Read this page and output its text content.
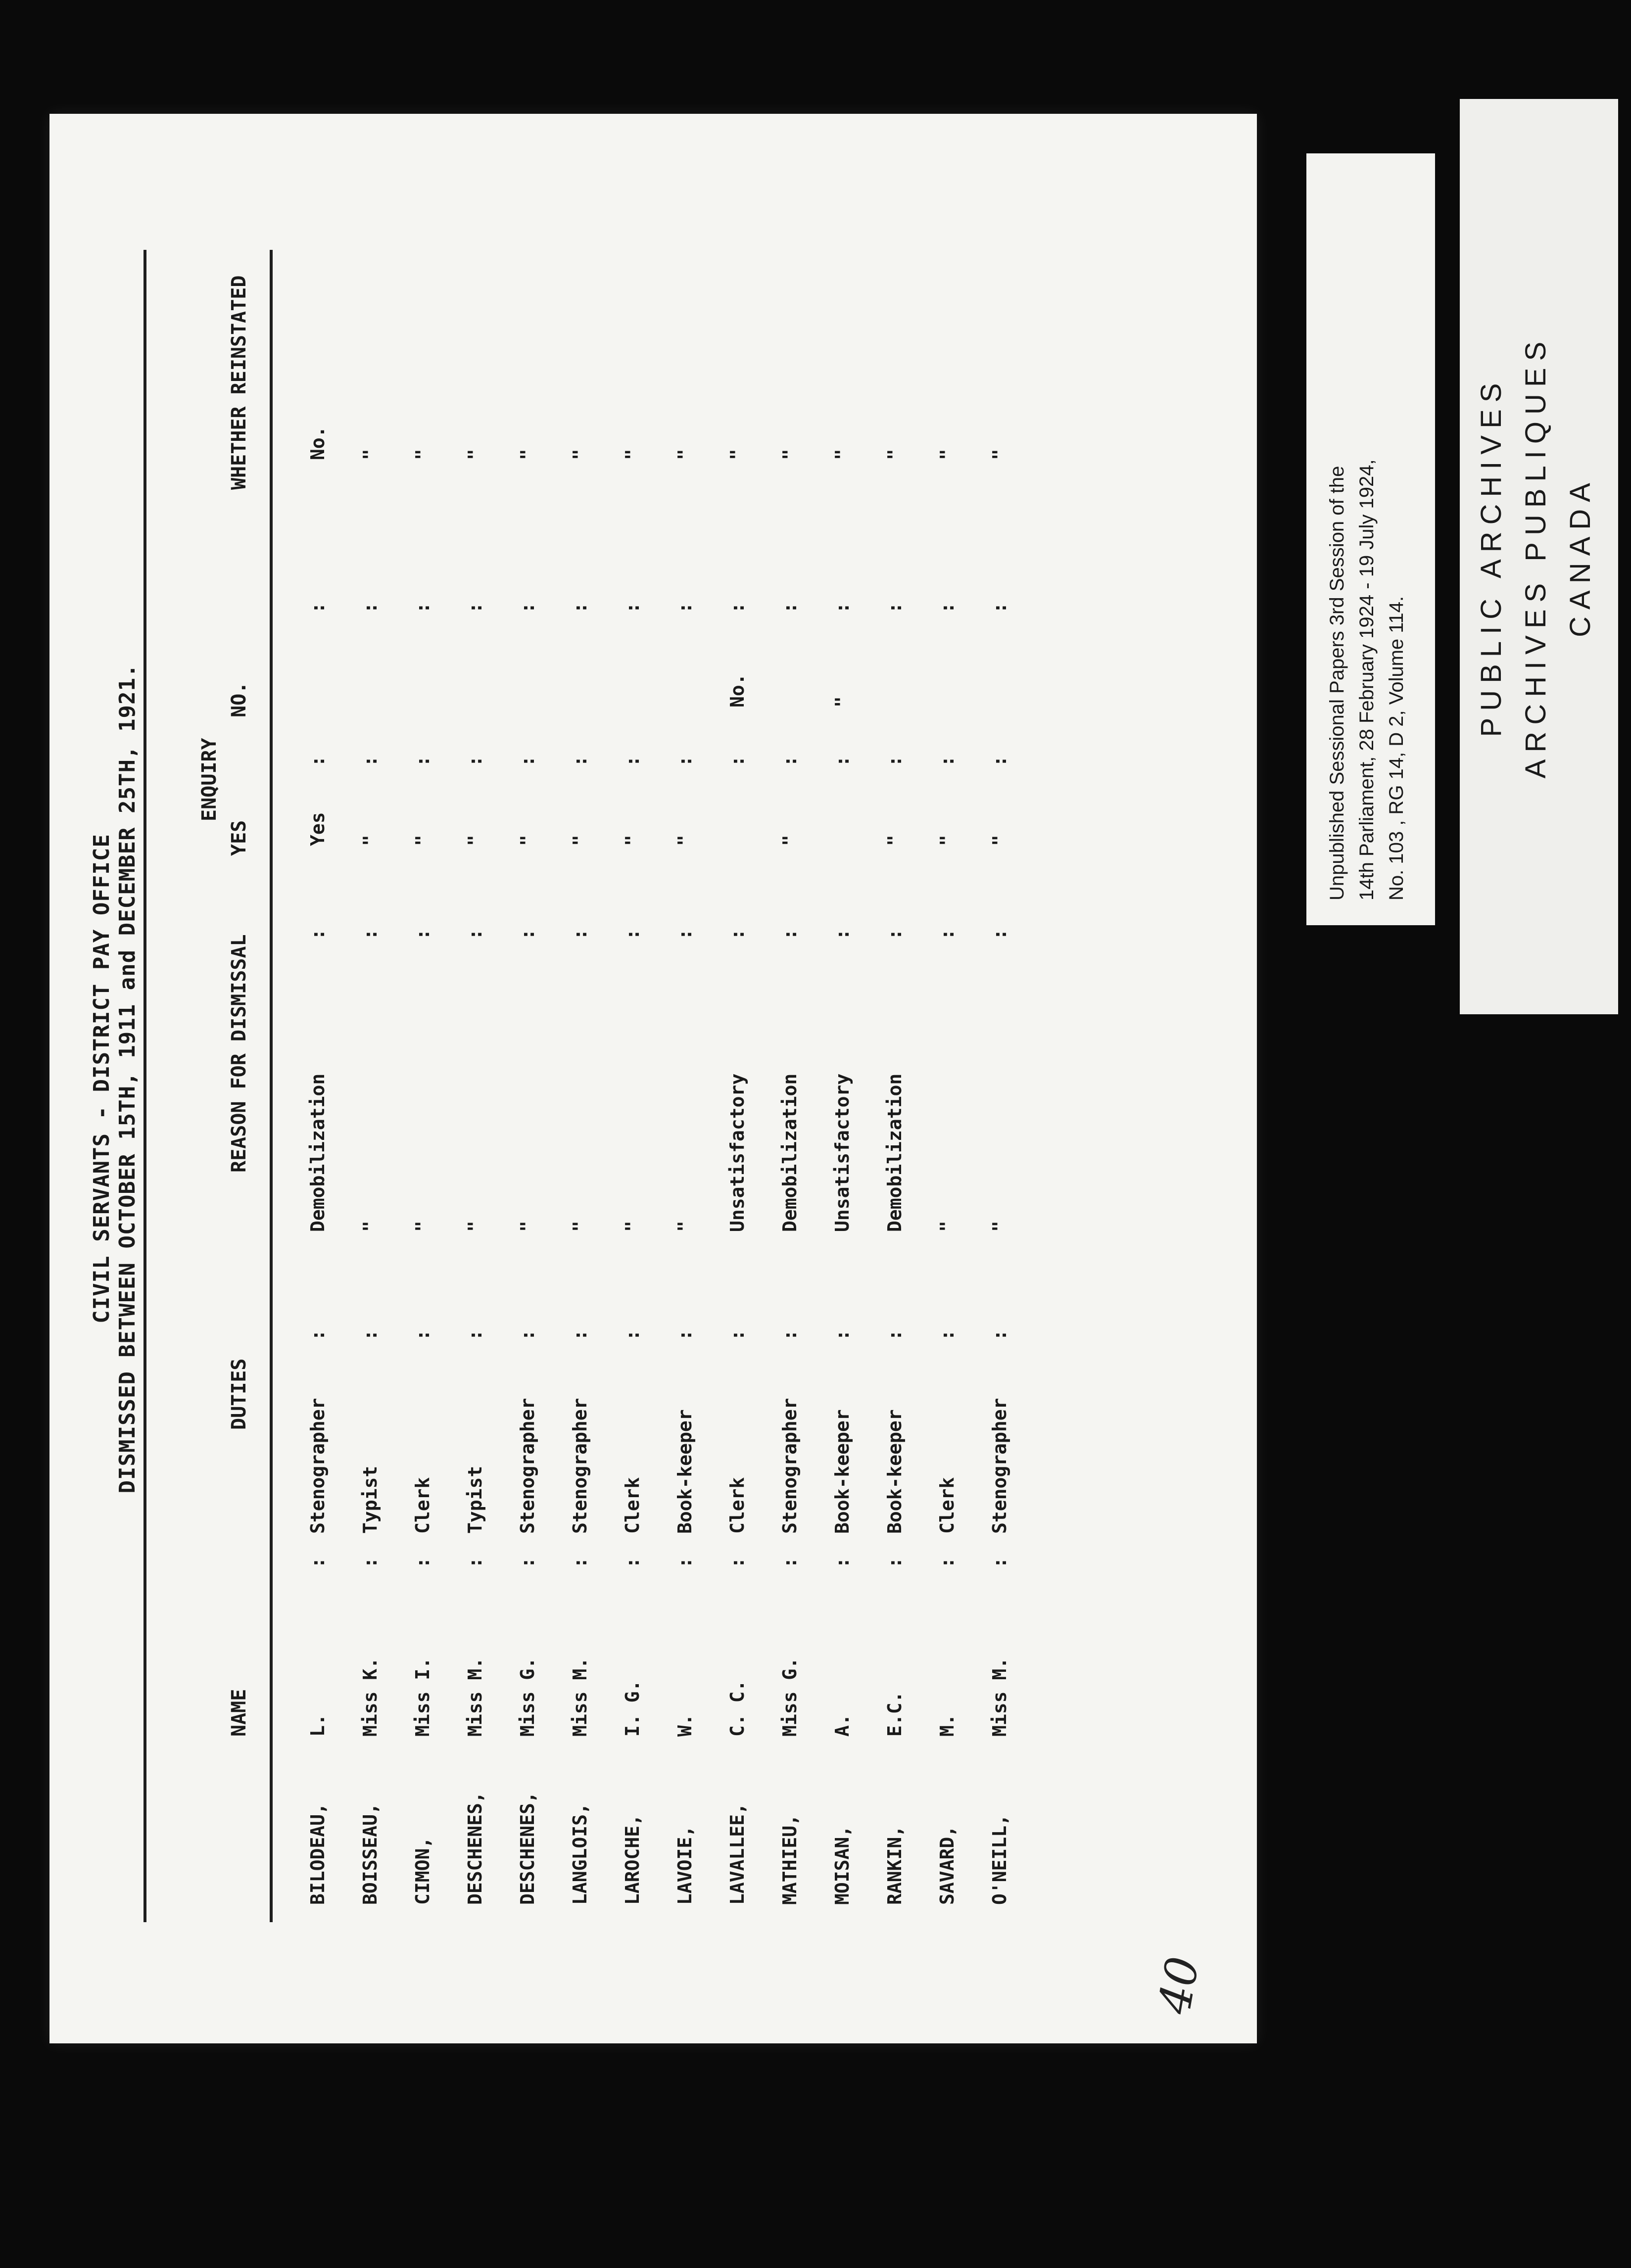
CIVIL SERVANTS - DISTRICT PAY OFFICE DISMISSED BETWEEN OCTOBER 15TH, 1911 and DECEMBER 25TH, 1921.
NAME
DUTIES
REASON FOR DISMISSAL
ENQUIRY
YES
NO.
WHETHER REINSTATED
BILODEAU,
L.
Stenographer
Demobilization
Yes
No.
:
:
:
:
:
BOISSEAU,
Miss K.
Typist
"
"
"
:
:
:
:
:
CIMON,
Miss I.
Clerk
"
"
"
:
:
:
:
:
DESCHENES,
Miss M.
Typist
"
"
"
:
:
:
:
:
DESCHENES,
Miss G.
Stenographer
"
"
"
:
:
:
:
:
LANGLOIS,
Miss M.
Stenographer
"
"
"
:
:
:
:
:
LAROCHE,
I. G.
Clerk
"
"
"
:
:
:
:
:
LAVOIE,
W.
Book-keeper
"
"
"
:
:
:
:
:
LAVALLEE,
C. C.
Clerk
Unsatisfactory
No.
"
:
:
:
:
:
MATHIEU,
Miss G.
Stenographer
Demobilization
"
"
:
:
:
:
:
MOISAN,
A.
Book-keeper
Unsatisfactory
"
"
:
:
:
:
:
RANKIN,
E.C.
Book-keeper
Demobilization
"
"
:
:
:
:
:
SAVARD,
M.
Clerk
"
"
"
:
:
:
:
:
O'NEILL,
Miss M.
Stenographer
"
"
"
:
:
:
:
:
40
Unpublished Sessional Papers 3rd Session of the 14th Parliament, 28 February 1924 - 19 July 1924, No. 103 , RG 14, D 2, Volume 114.
PUBLIC ARCHIVES ARCHIVES PUBLIQUES CANADA
